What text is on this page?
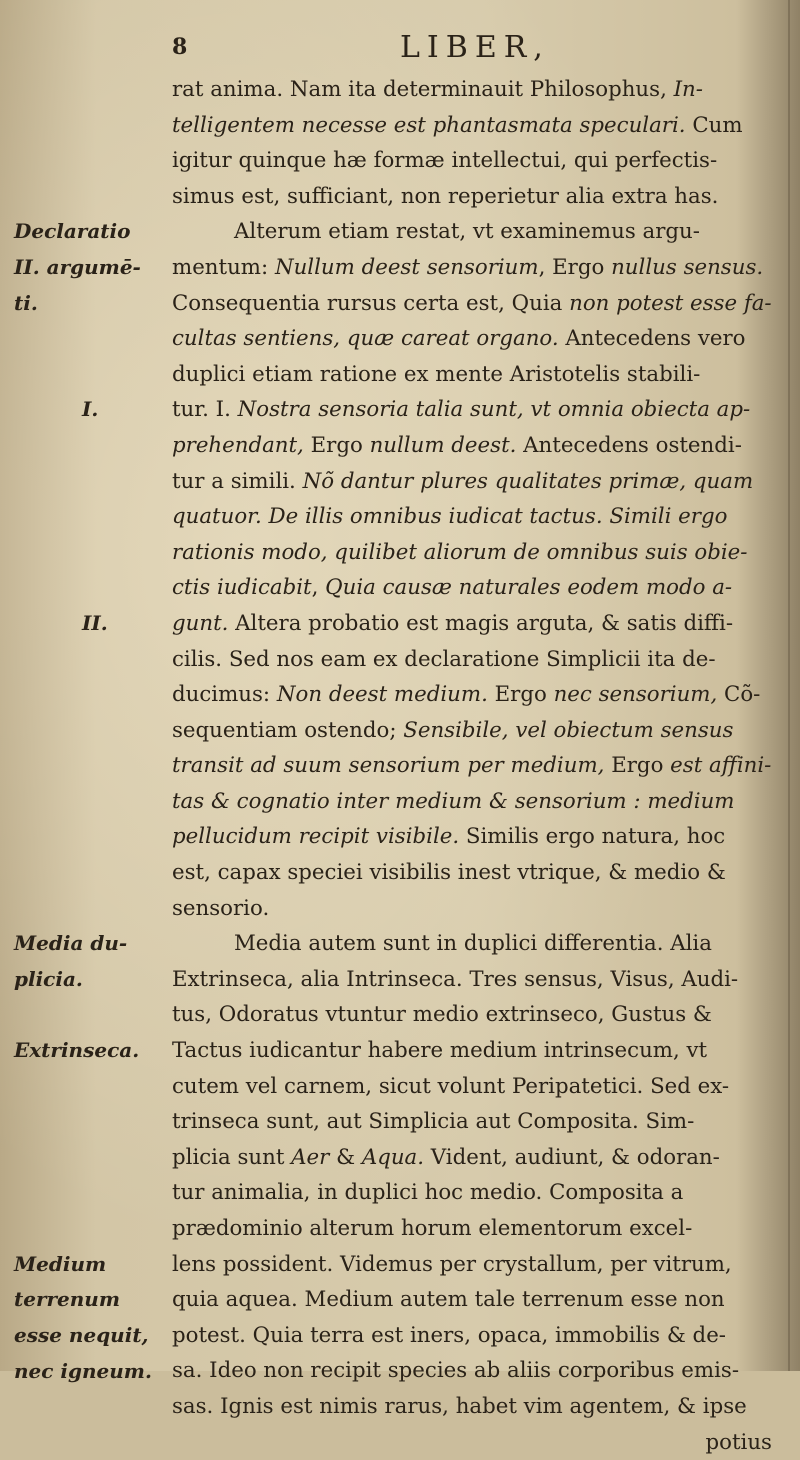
8	LIBER,
rat anima. Nam ita determinauit Philosophus, In-
telligentem necesse est phantasmata speculari. Cum
igitur quinque hæ formæ intellectui, qui perfectis-
simus est, sufficiant, non reperietur alia extra has.
Alterum etiam restat, vt examinemus argu-
mentum: Nullum deest sensorium, Ergo nullus sensus.
Consequentia rursus certa est, Quia non potest esse fa-
cultas sentiens, quæ careat organo. Antecedens vero
duplici etiam ratione ex mente Aristotelis stabili-
tur. I. Nostra sensoria talia sunt, vt omnia obiecta ap-
prehendant, Ergo nullum deest. Antecedens ostendi-
tur a simili. Nõ dantur plures qualitates primæ, quam
quatuor. De illis omnibus iudicat tactus. Simili ergo
rationis modo, quilibet aliorum de omnibus suis obie-
ctis iudicabit, Quia causæ naturales eodem modo a-
gunt. Altera probatio est magis arguta, & satis diffi-
cilis. Sed nos eam ex declaratione Simplicii ita de-
ducimus: Non deest medium. Ergo nec sensorium, Cõ-
sequentiam ostendo; Sensibile, vel obiectum sensus
transit ad suum sensorium per medium, Ergo est affini-
tas & cognatio inter medium & sensorium : medium
pellucidum recipit visibile. Similis ergo natura, hoc
est, capax speciei visibilis inest vtrique, & medio &
sensorio.
Media autem sunt in duplici differentia. Alia
Extrinseca, alia Intrinseca. Tres sensus, Visus, Audi-
tus, Odoratus vtuntur medio extrinseco, Gustus &
Tactus iudicantur habere medium intrinsecum, vt
cutem vel carnem, sicut volunt Peripatetici. Sed ex-
trinseca sunt, aut Simplicia aut Composita. Sim-
plicia sunt Aer & Aqua. Vident, audiunt, & odoran-
tur animalia, in duplici hoc medio. Composita a
prædominio alterum horum elementorum excel-
lens possident. Videmus per crystallum, per vitrum,
quia aquea. Medium autem tale terrenum esse non
potest. Quia terra est iners, opaca, immobilis & de-
sa. Ideo non recipit species ab aliis corporibus emis-
sas. Ignis est nimis rarus, habet vim agentem, & ipse
potius
Declaratio
II. argumē-
ti.
I.
II.
Media du-
plicia.
Extrinseca.
Medium
terrenum
esse nequit,
nec igneum.
